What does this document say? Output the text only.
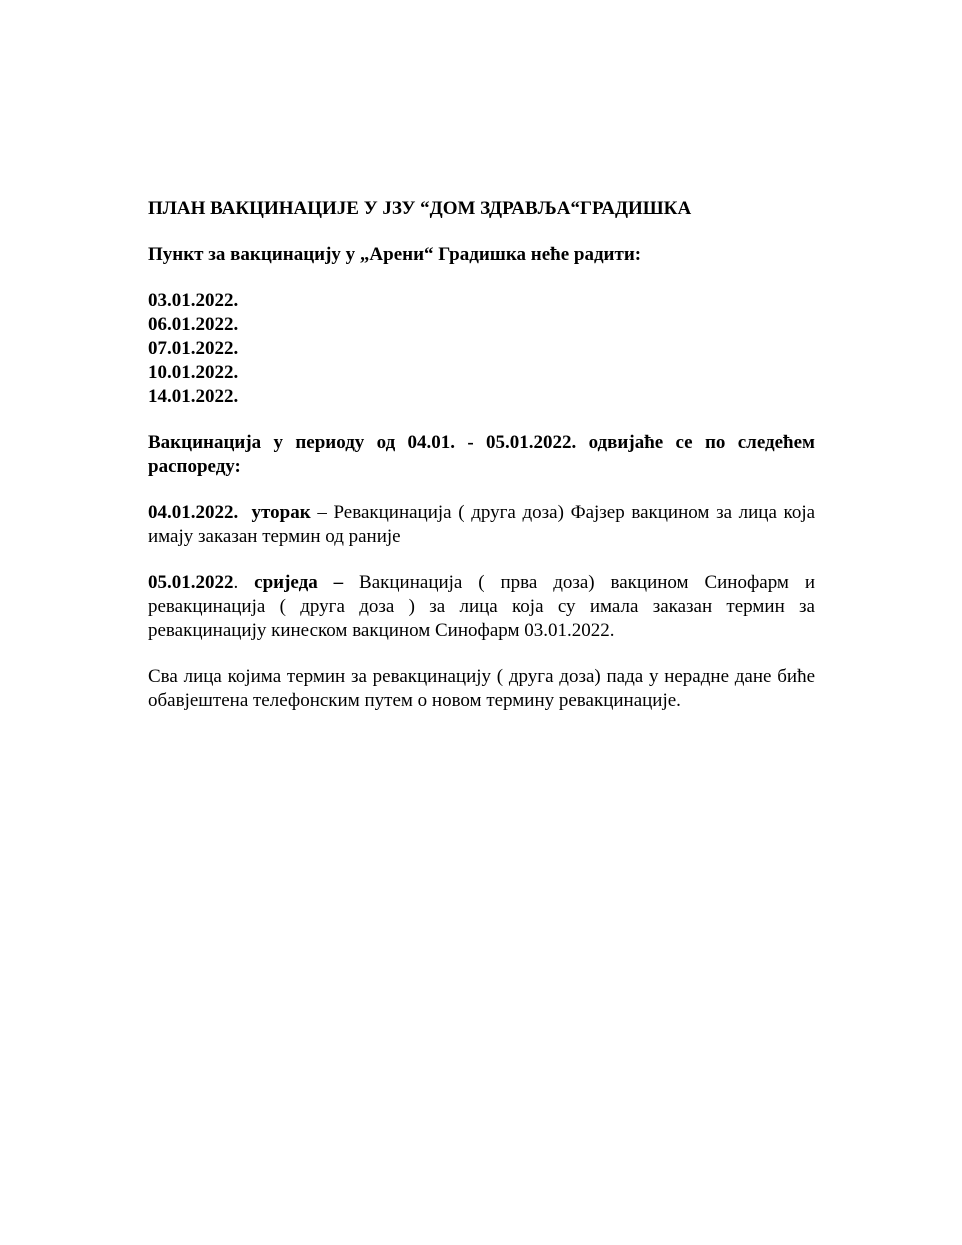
ПЛАН ВАКЦИНАЦИЈЕ У ЈЗУ “ДОМ ЗДРАВЉА“ГРАДИШКА

Пункт за вакцинацију у „Арени“ Градишка неће радити:

03.01.2022.
06.01.2022.
07.01.2022.
10.01.2022.
14.01.2022.

Вакцинација у периоду од 04.01. - 05.01.2022. одвијаће се по следећем распореду:

04.01.2022. уторак – Ревакцинација ( друга доза) Фајзер вакцином за лица која имају заказан термин од раније

05.01.2022. сриједа – Вакцинација ( прва доза) вакцином Синофарм и ревакцинација ( друга доза ) за лица која су имала заказан термин за ревакцинацију кинеском вакцином Синофарм 03.01.2022.

Сва лица којима термин за ревакцинацију ( друга доза) пада у нерадне дане биће обавјештена телефонским путем о новом термину ревакцинације.
